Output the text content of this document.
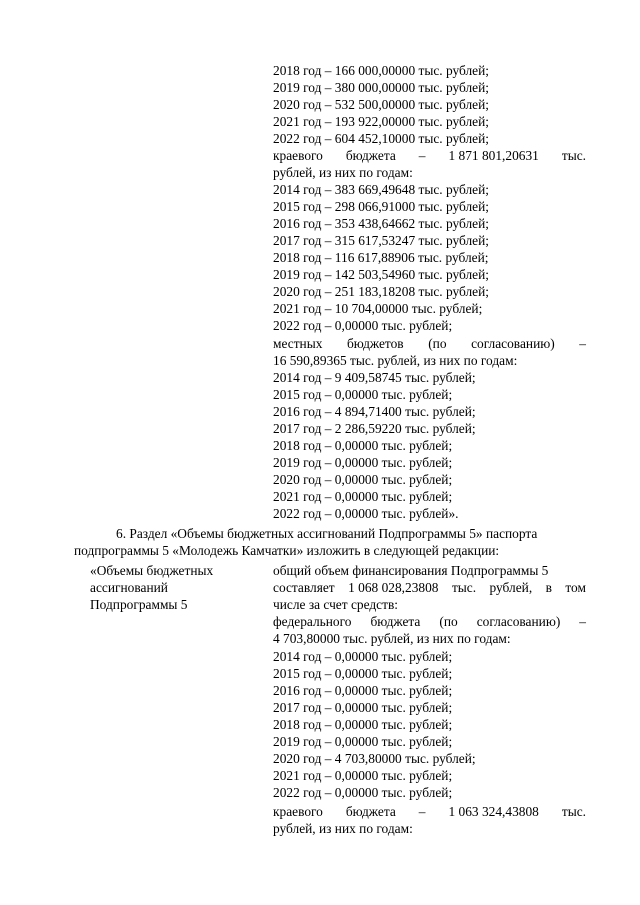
2018 год – 166 000,00000 тыс. рублей;
2019 год – 380 000,00000 тыс. рублей;
2020 год – 532 500,00000 тыс. рублей;
2021 год – 193 922,00000 тыс. рублей;
2022 год – 604 452,10000 тыс. рублей;
краевого бюджета – 1 871 801,20631 тыс.
рублей, из них по годам:
2014 год – 383 669,49648 тыс. рублей;
2015 год – 298 066,91000 тыс. рублей;
2016 год – 353 438,64662 тыс. рублей;
2017 год – 315 617,53247 тыс. рублей;
2018 год – 116 617,88906 тыс. рублей;
2019 год – 142 503,54960 тыс. рублей;
2020 год – 251 183,18208 тыс. рублей;
2021 год – 10 704,00000 тыс. рублей;
2022 год – 0,00000 тыс. рублей;
местных бюджетов (по согласованию) –
16 590,89365 тыс. рублей, из них по годам:
2014 год – 9 409,58745 тыс. рублей;
2015 год – 0,00000 тыс. рублей;
2016 год – 4 894,71400 тыс. рублей;
2017 год – 2 286,59220 тыс. рублей;
2018 год – 0,00000 тыс. рублей;
2019 год – 0,00000 тыс. рублей;
2020 год – 0,00000 тыс. рублей;
2021 год – 0,00000 тыс. рублей;
2022 год – 0,00000 тыс. рублей».
6. Раздел «Объемы бюджетных ассигнований Подпрограммы 5» паспорта
подпрограммы 5 «Молодежь Камчатки» изложить в следующей редакции:
«Объемы бюджетных
ассигнований
Подпрограммы 5
общий объем финансирования Подпрограммы 5
составляет 1 068 028,23808 тыс. рублей, в том
числе за счет средств:
федерального бюджета (по согласованию) –
4 703,80000 тыс. рублей, из них по годам:
2014 год – 0,00000 тыс. рублей;
2015 год – 0,00000 тыс. рублей;
2016 год – 0,00000 тыс. рублей;
2017 год – 0,00000 тыс. рублей;
2018 год – 0,00000 тыс. рублей;
2019 год – 0,00000 тыс. рублей;
2020 год – 4 703,80000 тыс. рублей;
2021 год – 0,00000 тыс. рублей;
2022 год – 0,00000 тыс. рублей;
краевого бюджета – 1 063 324,43808 тыс.
рублей, из них по годам:
